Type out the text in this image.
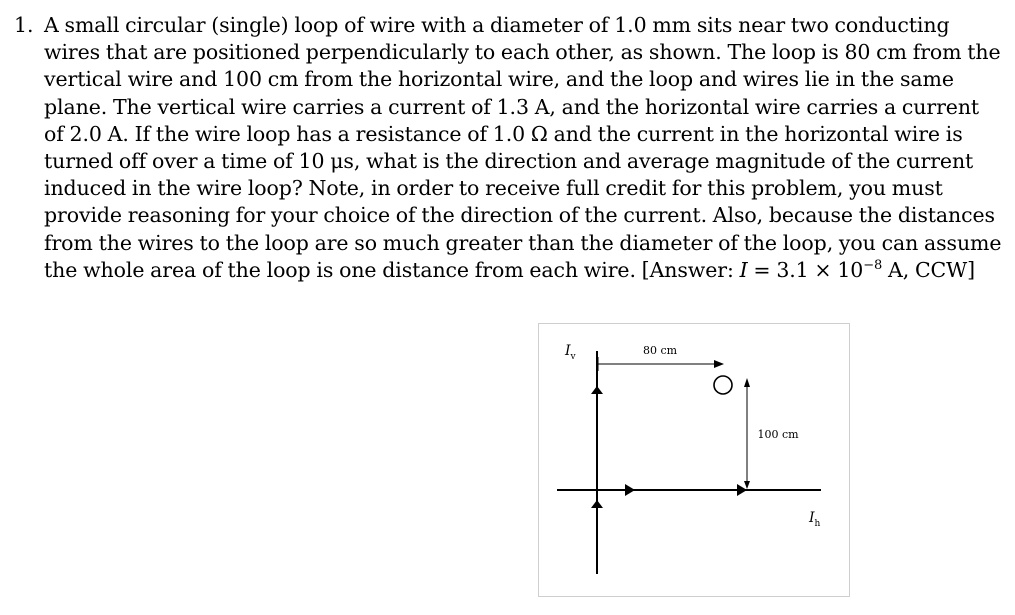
1. A small circular (single) loop of wire with a diameter of 1.0 mm sits near two conducting wires that are positioned perpendicularly to each other, as shown. The loop is 80 cm from the vertical wire and 100 cm from the horizontal wire, and the loop and wires lie in the same plane. The vertical wire carries a current of 1.3 A, and the horizontal wire carries a current of 2.0 A. If the wire loop has a resistance of 1.0 Ω and the current in the horizontal wire is turned off over a time of 10 μs, what is the direction and average magnitude of the current induced in the wire loop? Note, in order to receive full credit for this problem, you must provide reasoning for your choice of the direction of the current. Also, because the distances from the wires to the loop are so much greater than the diameter of the loop, you can assume the whole area of the loop is one distance from each wire. [Answer: $I = 3.1 \times 10^{-8}$ A, CCW]
80 cm
100 cm
$I_v$
$I_h$
